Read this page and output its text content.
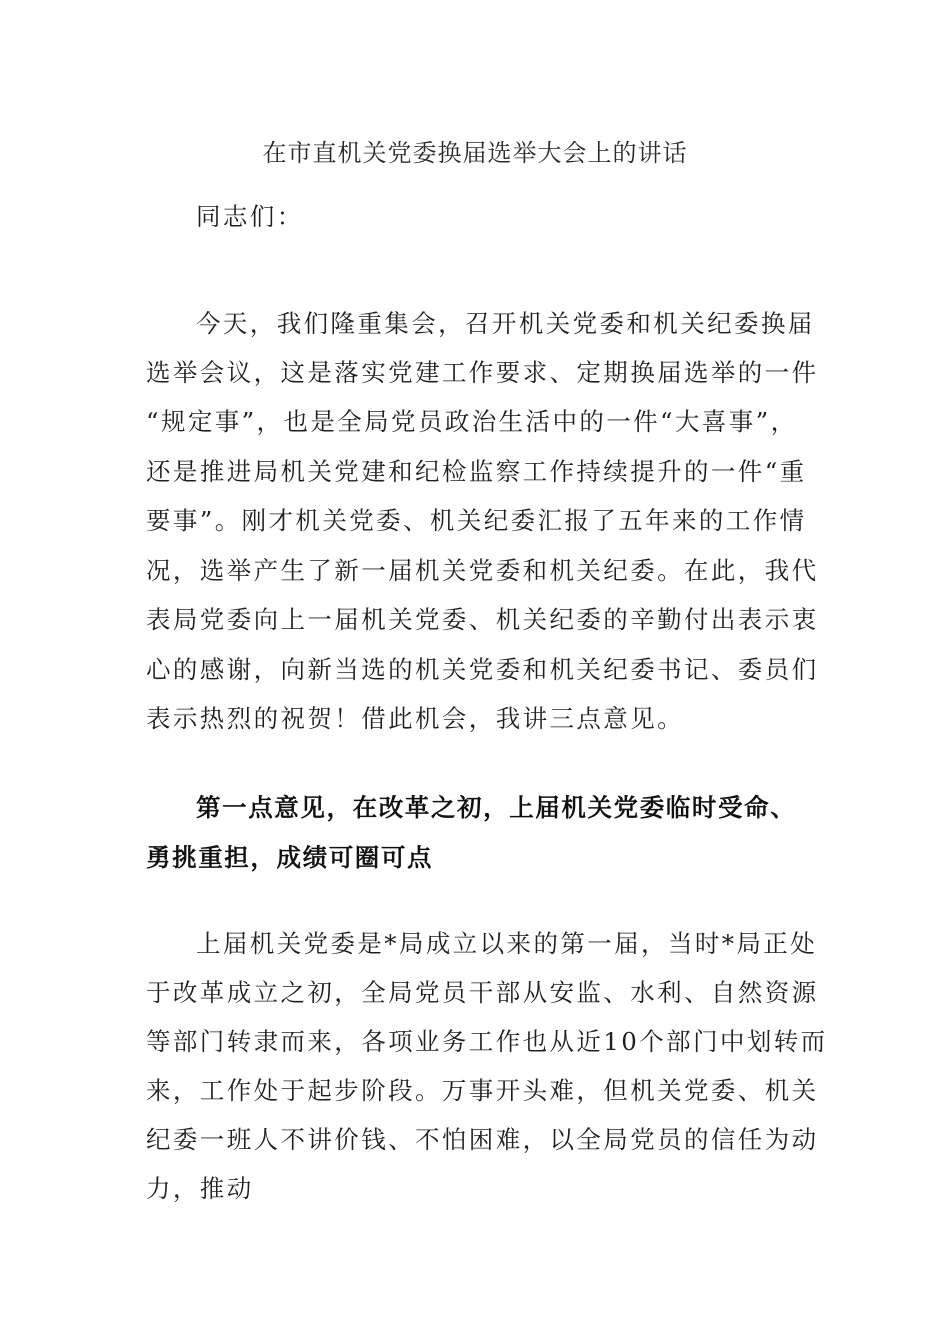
在市直机关党委换届选举大会上的讲话
同志们：
今天，我们隆重集会，召开机关党委和机关纪委换届
选举会议，这是落实党建工作要求、定期换届选举的一件
“规定事”，也是全局党员政治生活中的一件“大喜事”，
还是推进局机关党建和纪检监察工作持续提升的一件“重
要事”。刚才机关党委、机关纪委汇报了五年来的工作情
况，选举产生了新一届机关党委和机关纪委。在此，我代
表局党委向上一届机关党委、机关纪委的辛勤付出表示衷
心的感谢，向新当选的机关党委和机关纪委书记、委员们
表示热烈的祝贺！借此机会，我讲三点意见。
第一点意见，在改革之初，上届机关党委临时受命、
勇挑重担，成绩可圈可点
上届机关党委是*局成立以来的第一届，当时*局正处
于改革成立之初，全局党员干部从安监、水利、自然资源
等部门转隶而来，各项业务工作也从近10个部门中划转而
来，工作处于起步阶段。万事开头难，但机关党委、机关
纪委一班人不讲价钱、不怕困难，以全局党员的信任为动
力，推动
